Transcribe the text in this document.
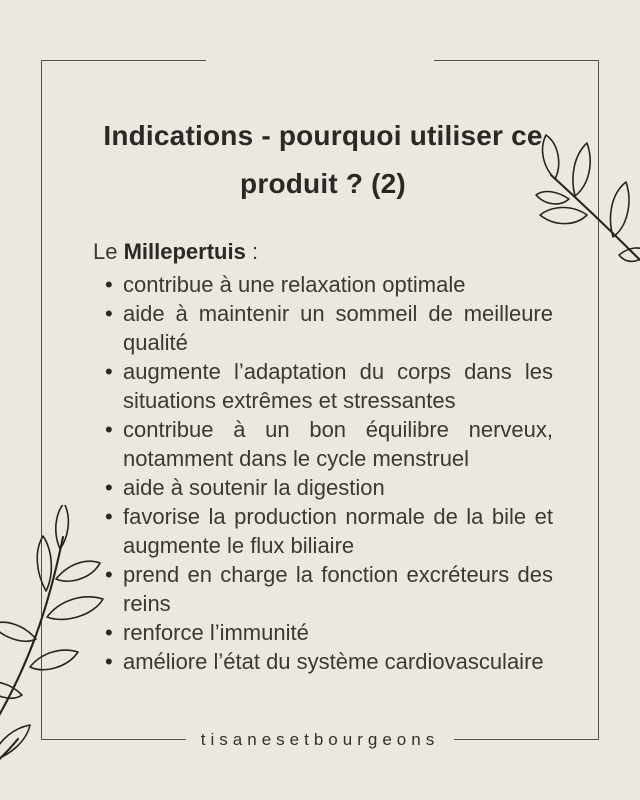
Indications - pourquoi utiliser ce produit ? (2)

Le Millepertuis :

• contribue à une relaxation optimale
• aide à maintenir un sommeil de meilleure qualité
• augmente l’adaptation du corps dans les situations extrêmes et stressantes
• contribue à un bon équilibre nerveux, notamment dans le cycle menstruel
• aide à soutenir la digestion
• favorise la production normale de la bile et augmente le flux biliaire
• prend en charge la fonction excréteurs des reins
• renforce l’immunité
• améliore l’état du système cardiovasculaire
tisanesetbourgeons
